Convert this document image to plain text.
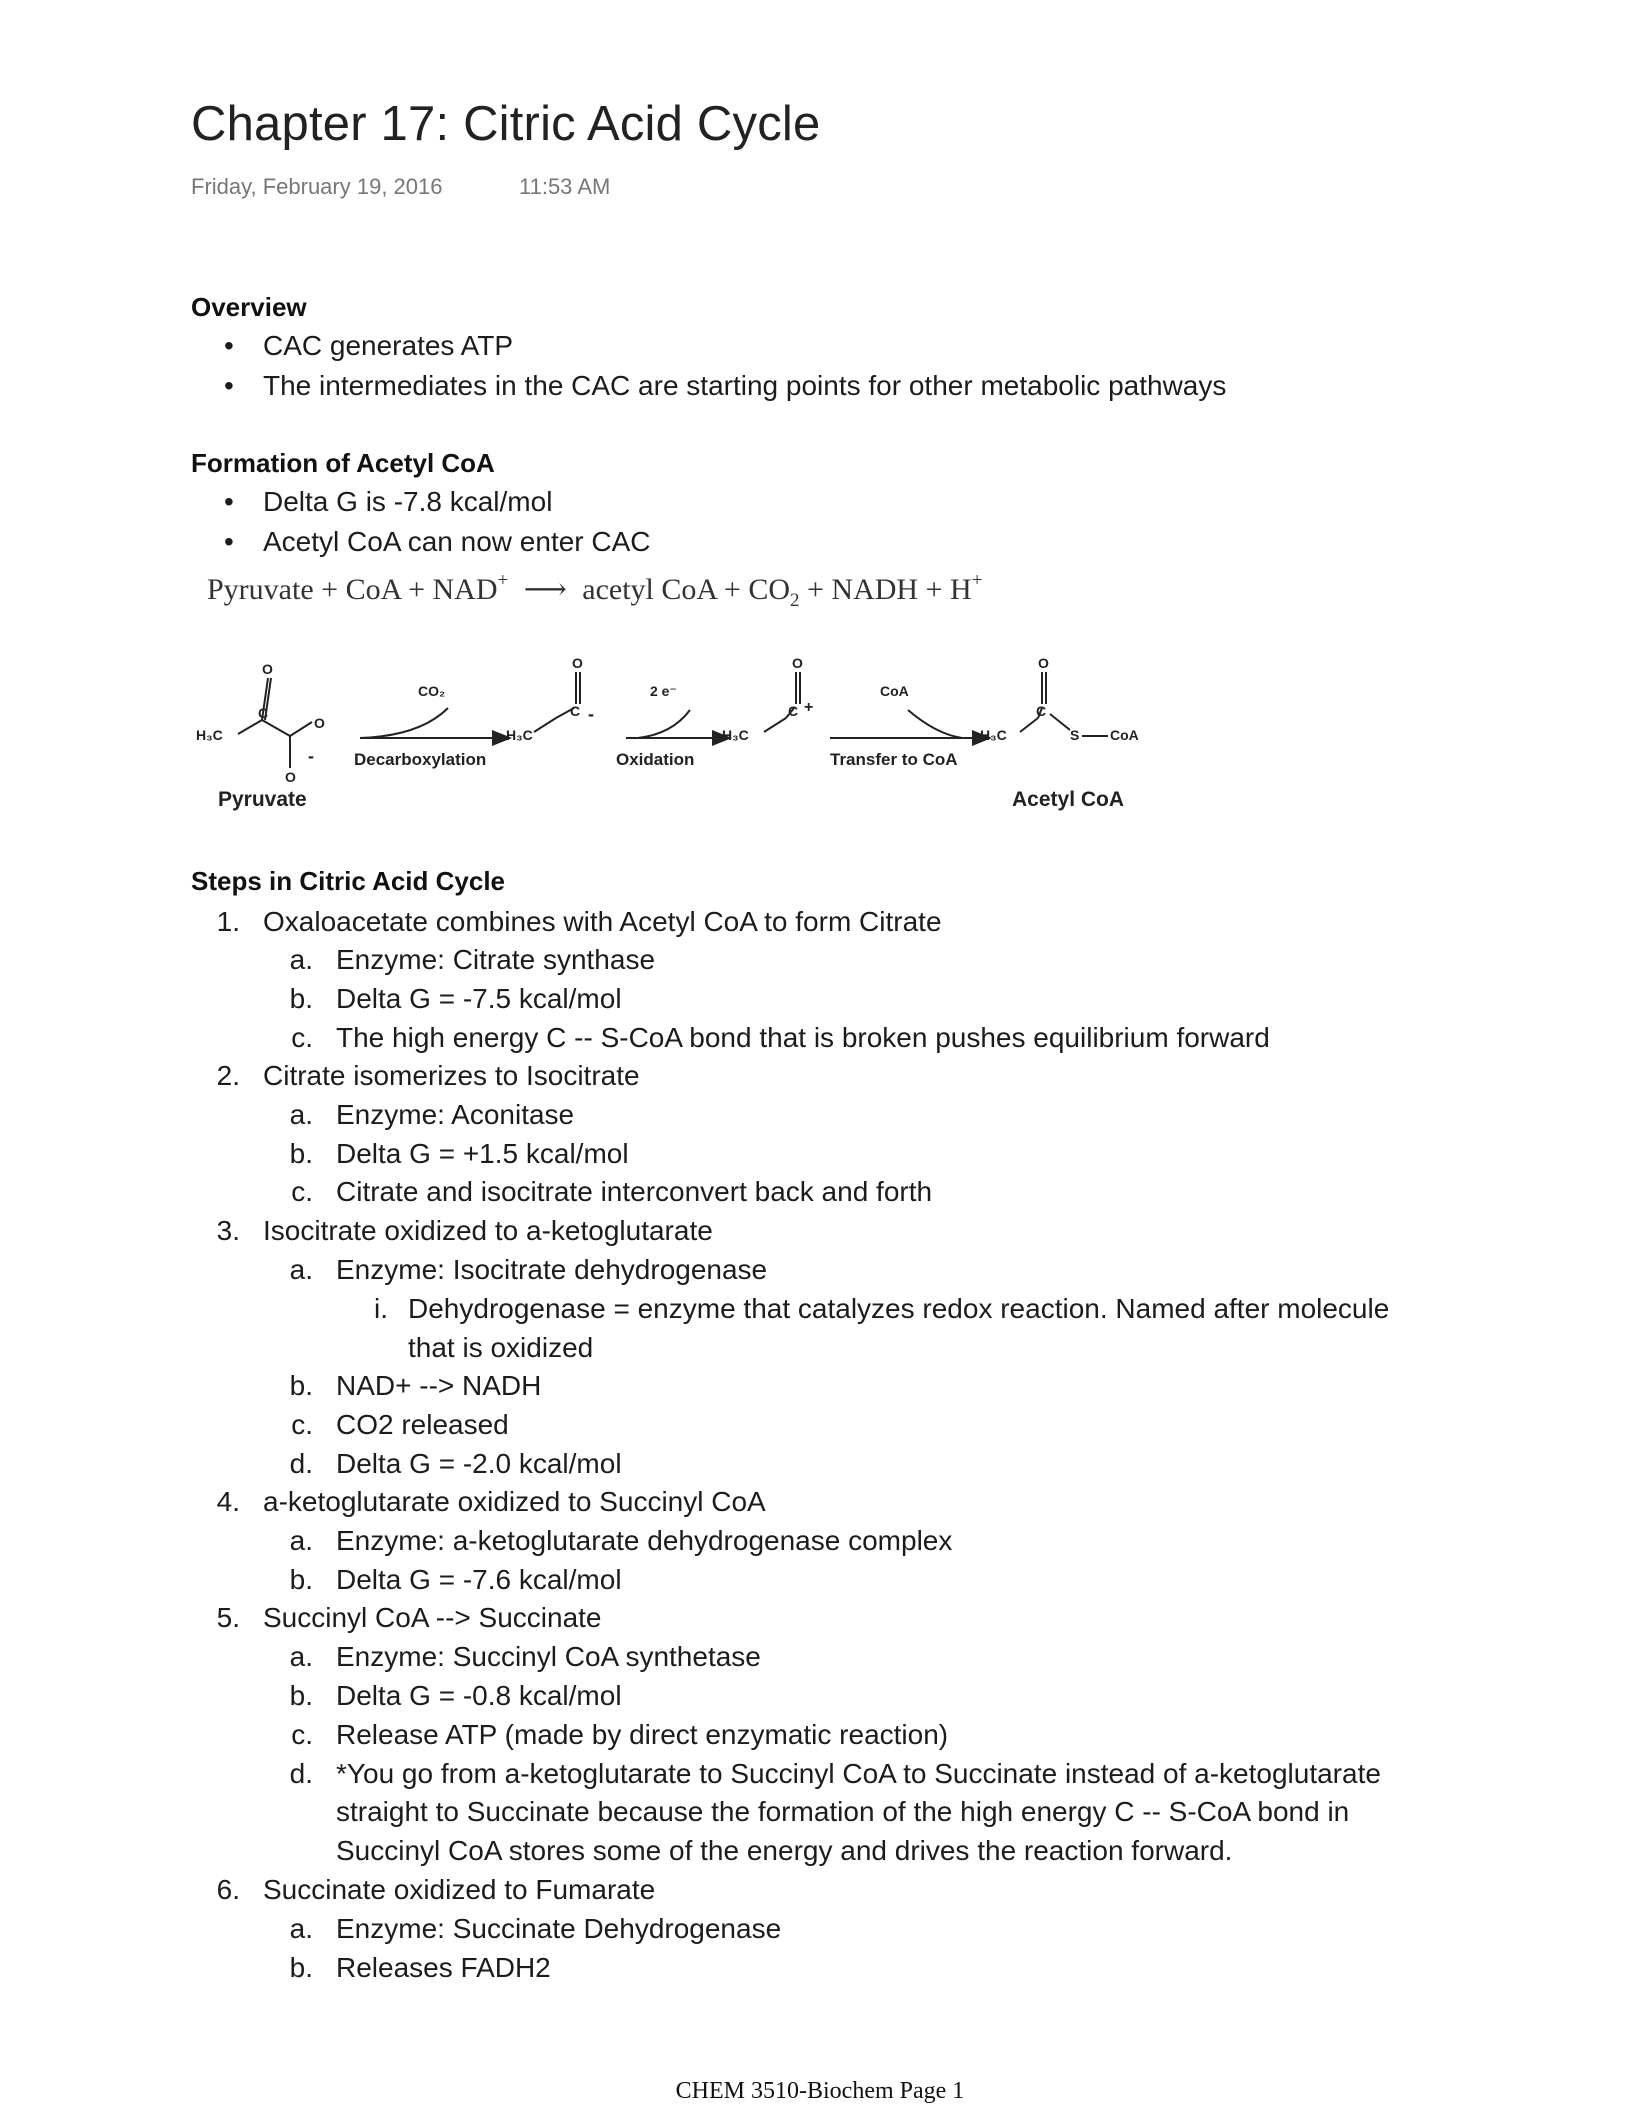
Chapter 17: Citric Acid Cycle
Friday, February 19, 2016	11:53 AM
Overview
• CAC generates ATP
• The intermediates in the CAC are starting points for other metabolic pathways
Formation of Acetyl CoA
• Delta G is -7.8 kcal/mol
• Acetyl CoA can now enter CAC
Pyruvate + CoA + NAD+ ⟶ acetyl CoA + $CO_2$ + NADH + H+
H₃C
O
C
O
O
-
H₃C
O
C -
H₃C
O
C +
H₃C
O
C
S CoA
CO₂	2 e⁻	CoA
Decarboxylation	Oxidation	Transfer to CoA
Pyruvate	Acetyl CoA
Steps in Citric Acid Cycle
1. Oxaloacetate combines with Acetyl CoA to form Citrate
a. Enzyme: Citrate synthase
b. Delta G = -7.5 kcal/mol
c. The high energy C -- S-CoA bond that is broken pushes equilibrium forward
2. Citrate isomerizes to Isocitrate
a. Enzyme: Aconitase
b. Delta G = +1.5 kcal/mol
c. Citrate and isocitrate interconvert back and forth
3. Isocitrate oxidized to a-ketoglutarate
a. Enzyme: Isocitrate dehydrogenase
i. Dehydrogenase = enzyme that catalyzes redox reaction. Named after molecule
that is oxidized
b. NAD+ --> NADH
c. CO2 released
d. Delta G = -2.0 kcal/mol
4. a-ketoglutarate oxidized to Succinyl CoA
a. Enzyme: a-ketoglutarate dehydrogenase complex
b. Delta G = -7.6 kcal/mol
5. Succinyl CoA --> Succinate
a. Enzyme: Succinyl CoA synthetase
b. Delta G = -0.8 kcal/mol
c. Release ATP (made by direct enzymatic reaction)
d. *You go from a-ketoglutarate to Succinyl CoA to Succinate instead of a-ketoglutarate
straight to Succinate because the formation of the high energy C -- S-CoA bond in
Succinyl CoA stores some of the energy and drives the reaction forward.
6. Succinate oxidized to Fumarate
a. Enzyme: Succinate Dehydrogenase
b. Releases FADH2
CHEM 3510-Biochem Page 1
